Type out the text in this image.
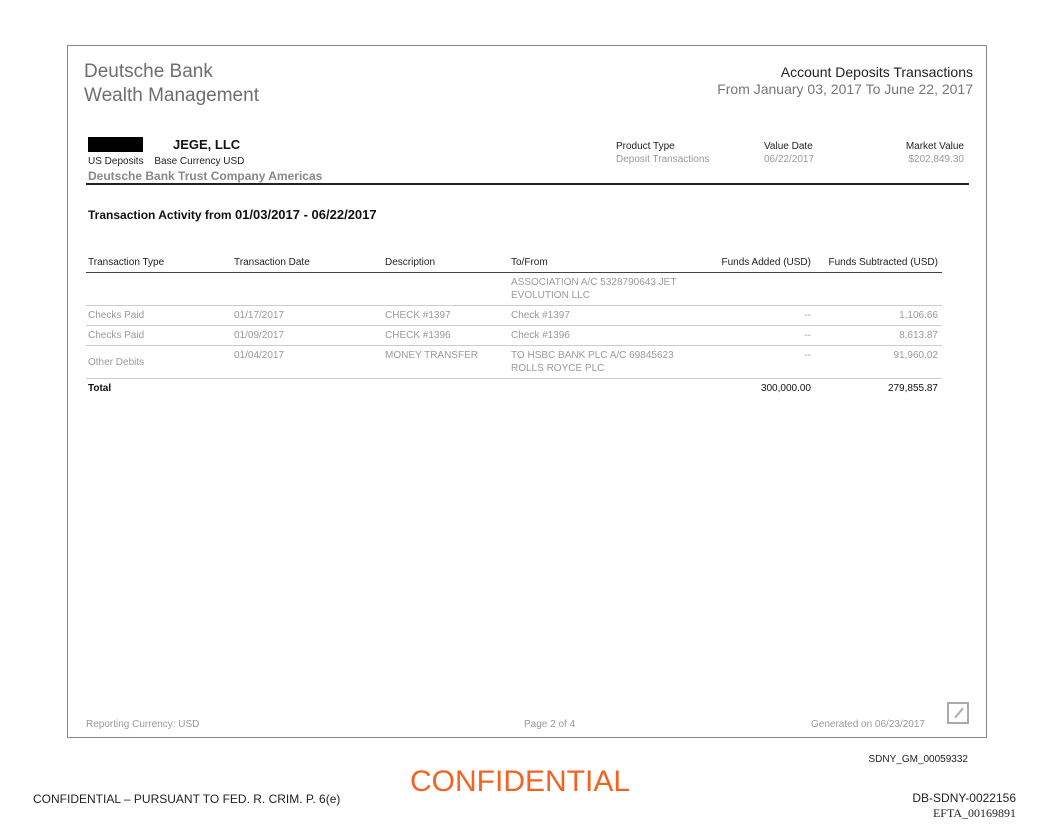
Deutsche Bank
Wealth Management
Account Deposits Transactions
From January 03, 2017 To June 22, 2017
JEGE, LLC
US Deposits Base Currency USD
Deutsche Bank Trust Company Americas
Product Type
Deposit Transactions
Value Date
06/22/2017
Market Value
$202,849.30
Transaction Activity from 01/03/2017 - 06/22/2017
Transaction Type	Transaction Date	Description	To/From	Funds Added (USD)	Funds Subtracted (USD)
			ASSOCIATION A/C 5328790643 JET EVOLUTION LLC		
Checks Paid	01/17/2017	CHECK #1397	Check #1397	--	1,106.66
Checks Paid	01/09/2017	CHECK #1396	Check #1396	--	8,613.87
Other Debits	01/04/2017	MONEY TRANSFER	TO HSBC BANK PLC A/C 69845623 ROLLS ROYCE PLC	--	91,960.02
Total				300,000.00	279,855.87
Reporting Currency: USD	Page 2 of 4	Generated on 06/23/2017
SDNY_GM_00059332
CONFIDENTIAL – PURSUANT TO FED. R. CRIM. P. 6(e)
CONFIDENTIAL	DB-SDNY-0022156
EFTA_00169891
